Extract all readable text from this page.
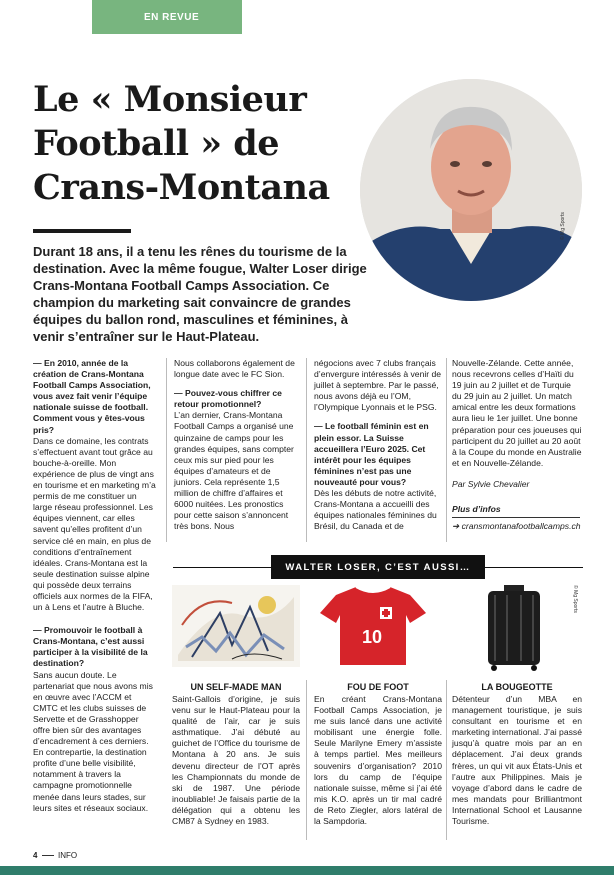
EN REVUE
Le « Monsieur Football » de Crans-Montana
© Mg Sports

Durant 18 ans, il a tenu les rênes du tourisme de la destination. Avec la même fougue, Walter Loser dirige Crans-Montana Football Camps Association. Ce champion du marketing sait convaincre de grandes équipes du ballon rond, masculines et féminines, à venir s’entraîner sur le Haut-Plateau.

— En 2010, année de la création de Crans-Montana Football Camps Association, vous avez fait venir l’équipe nationale suisse de football. Comment vous y êtes-vous pris?

Dans ce domaine, les contrats s’effectuent avant tout grâce au bouche-à-oreille. Mon expérience de plus de vingt ans en tourisme et en marketing m’a permis de me constituer un large réseau professionnel. Les équipes viennent, car elles savent qu’elles profitent d’un service clé en main, en plus de conditions d’entraînement idéales. Crans-Montana est la seule destination suisse alpine qui possède deux terrains officiels aux normes de la FIFA, un à Lens et l’autre à Bluche.

— Promouvoir le football à Crans-Montana, c’est aussi participer à la visibilité de la destination?

Sans aucun doute. Le partenariat que nous avons mis en œuvre avec l’ACCM et CMTC et les clubs suisses de Servette et de Grasshopper offre bien sûr des avantages d’encadrement à ces derniers. En contrepartie, la destination profite d’une belle visibilité, notamment à travers la campagne promotionnelle menée dans leurs stades, sur leurs sites et réseaux sociaux.

Nous collaborons également de longue date avec le FC Sion.

— Pouvez-vous chiffrer ce retour promotionnel?

L’an dernier, Crans-Montana Football Camps a organisé une quinzaine de camps pour les grandes équipes, sans compter ceux mis sur pied pour les équipes d’amateurs et de juniors. Cela représente 1,5 million de chiffre d’affaires et 6000 nuitées. Les pronostics pour cette saison s’annoncent très bons. Nous

négocions avec 7 clubs français d’envergure intéressés à venir de juillet à septembre. Par le passé, nous avons déjà eu l’OM, l’Olympique Lyonnais et le PSG.

— Le football féminin est en plein essor. La Suisse accueillera l’Euro 2025. Cet intérêt pour les équipes féminines n’est pas une nouveauté pour vous?

Dès les débuts de notre activité, Crans-Montana a accueilli des équipes nationales féminines du Brésil, du Canada et de

Nouvelle-Zélande. Cette année, nous recevrons celles d’Haïti du 19 juin au 2 juillet et de Turquie du 29 juin au 2 juillet. Un match amical entre les deux formations aura lieu le 1er juillet. Une bonne préparation pour ces joueuses qui participent du 20 juillet au 20 août à la Coupe du monde en Australie et en Nouvelle-Zélande.

Par Sylvie Chevalier

Plus d’infos

➔ cransmontanafootballcamps.ch

WALTER LOSER, C’EST AUSSI…
10
© Mg Sports
UN SELF-MADE MAN
Saint-Gallois d’origine, je suis venu sur le Haut-Plateau pour la qualité de l’air, car je suis asthmatique. J’ai débuté au guichet de l’Office du tourisme de Montana à 20 ans. Je suis devenu directeur de l’OT après les Championnats du monde de ski de 1987. Une période inoubliable! Je faisais partie de la délégation qui a obtenu les CM87 à Sydney en 1983.
FOU DE FOOT
En créant Crans-Montana Football Camps Association, je me suis lancé dans une activité mobilisant une énergie folle. Seule Marilyne Emery m’assiste à temps partiel. Mes meilleurs souvenirs d’organisation? 2010 lors du camp de l’équipe nationale suisse, même si j’ai été mis K.O. après un tir mal cadré de Reto Ziegler, alors latéral de la Sampdoria.
LA BOUGEOTTE
Détenteur d’un MBA en management touristique, je suis consultant en tourisme et en marketing international. J’ai passé jusqu’à quatre mois par an en déplacement. J’ai deux grands frères, un qui vit aux États-Unis et l’autre aux Philippines. Mais je voyage d’abord dans le cadre de mes mandats pour Brilliantmont International School et Lausanne Tourisme.
4	INFO
